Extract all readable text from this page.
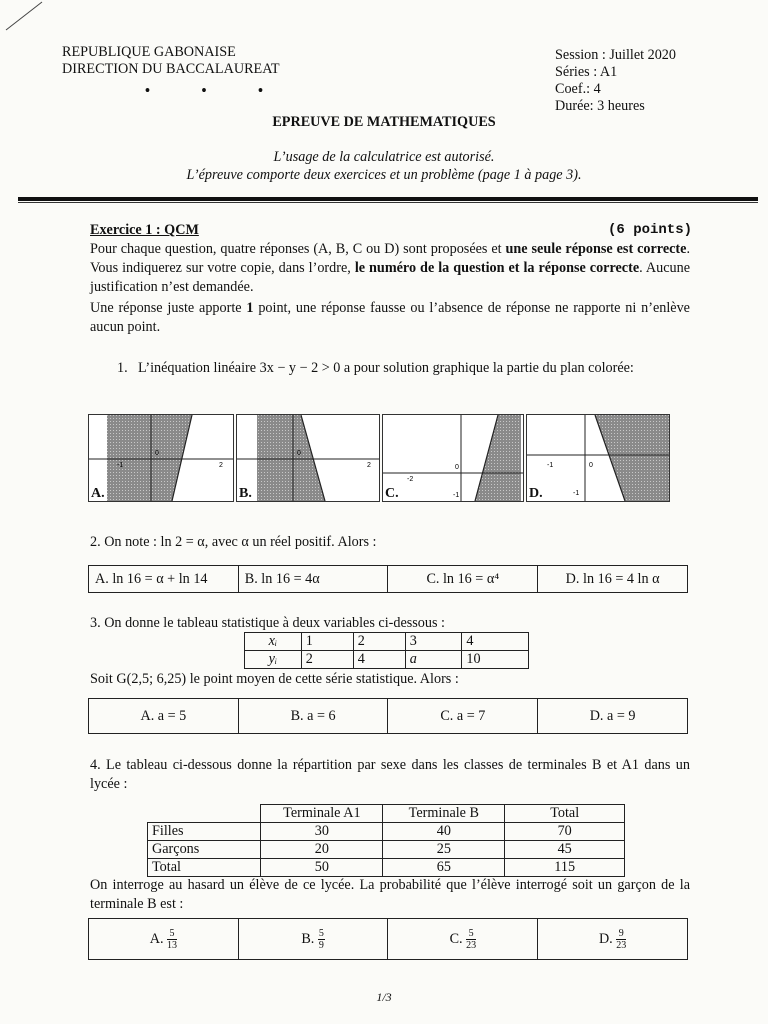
REPUBLIQUE GABONAISE
DIRECTION DU BACCALAUREAT
• • •
Session : Juillet 2020
Séries : A1
Coef.: 4
Durée: 3 heures
EPREUVE DE MATHEMATIQUES
L’usage de la calculatrice est autorisé.
L’épreuve comporte deux exercices et un problème (page 1 à page 3).
Exercice 1 : QCM	(6 points)
Pour chaque question, quatre réponses (A, B, C ou D) sont proposées et une seule réponse est correcte. Vous indiquerez sur votre copie, dans l’ordre, le numéro de la question et la réponse correcte. Aucune justification n’est demandée.
Une réponse juste apporte 1 point, une réponse fausse ou l’absence de réponse ne rapporte ni n’enlève aucun point.
1. L’inéquation linéaire 3x − y − 2 > 0 a pour solution graphique la partie du plan colorée:
0
-1	2
A.
0
2
B.
0
-2
-1
C.
0
-1
-1
D.
2. On note : ln 2 = α, avec α un réel positif. Alors :
A. ln 16 = α + ln 14	B. ln 16 = 4α	C. ln 16 = α⁴	D. ln 16 = 4 ln α
3. On donne le tableau statistique à deux variables ci-dessous :
xᵢ	1	2	3	4
yᵢ	2	4	a	10
Soit G(2,5; 6,25) le point moyen de cette série statistique. Alors :
A. a = 5	B. a = 6	C. a = 7	D. a = 9
4. Le tableau ci-dessous donne la répartition par sexe dans les classes de terminales B et A1 dans un lycée :
	Terminale A1	Terminale B	Total
Filles	30	40	70
Garçons	20	25	45
Total	50	65	115
On interroge au hasard un élève de ce lycée. La probabilité que l’élève interrogé soit un garçon de la terminale B est :
A. $\frac{5}{13}$	B. $\frac{5}{9}$	C. $\frac{5}{23}$	D. $\frac{9}{23}$
1/3
